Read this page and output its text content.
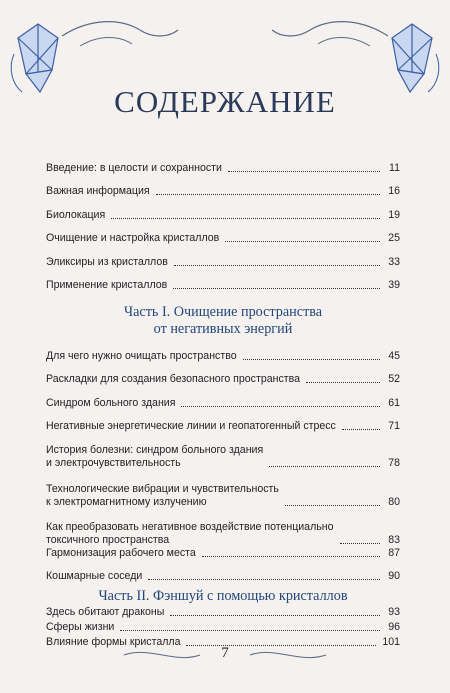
СОДЕРЖАНИЕ
Введение: в целости и сохранности	11
Важная информация	16
Биолокация	19
Очищение и настройка кристаллов	25
Эликсиры из кристаллов	33
Применение кристаллов	39
Часть I. Очищение пространства
от негативных энергий
Для чего нужно очищать пространство	45
Раскладки для создания безопасного пространства	52
Синдром больного здания	61
Негативные энергетические линии и геопатогенный стресс	71
История болезни: синдром больного здания
и электрочувствительность	78
Технологические вибрации и чувствительность
к электромагнитному излучению	80
Как преобразовать негативное воздействие потенциально
токсичного пространства	83
Гармонизация рабочего места	87
Кошмарные соседи	90
Часть II. Фэншуй с помощью кристаллов
Здесь обитают драконы	93
Сферы жизни	96
Влияние формы кристалла	101
7
